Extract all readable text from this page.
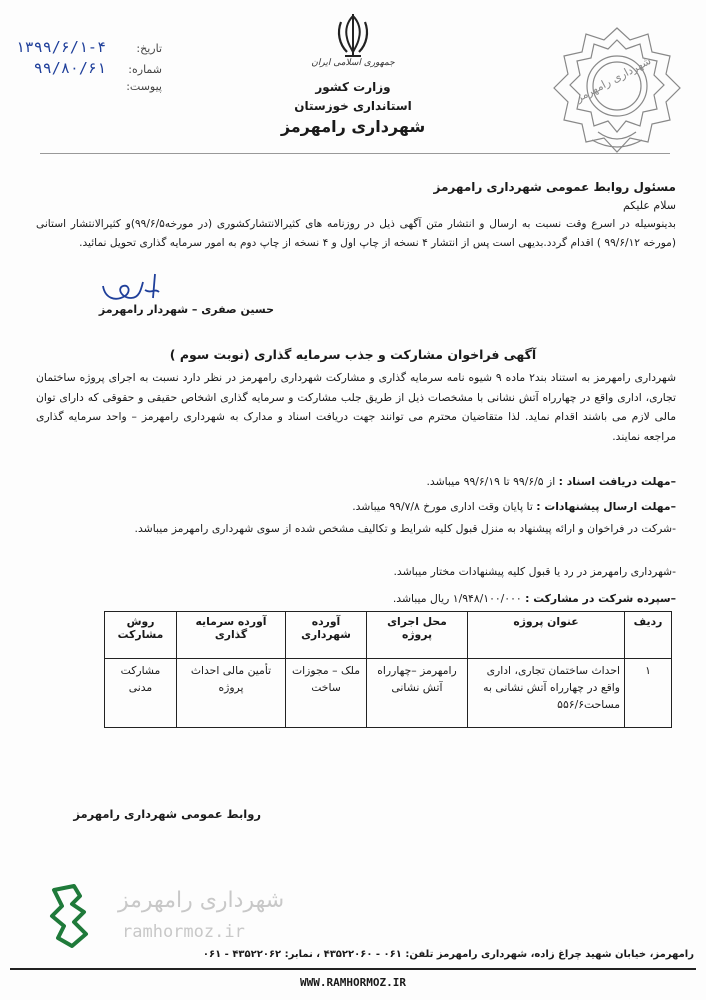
تاریخ:
۱۳۹۹/۶/۱-۴
شماره:
۹۹/۸۰/۶۱
پیوست:
جمهوری اسلامی ایران
وزارت کشور
استانداری خوزستان
شهرداری رامهرمز
شهرداری رامهرمز
مسئول روابط عمومی شهرداری رامهرمز
سلام علیکم
بدینوسیله در اسرع وقت نسبت به ارسال و انتشار متن آگهی ذیل در روزنامه های کثیرالانتشارکشوری (در مورخه۹۹/۶/۵)و کثیرالانتشار استانی (مورخه ۹۹/۶/۱۲ ) اقدام گردد.بدیهی است پس از انتشار ۴ نسخه از چاپ اول و ۴ نسخه از چاپ دوم به امور سرمایه گذاری تحویل نمائید.
حسین صفری – شهردار رامهرمز
آگهی فراخوان مشارکت و جذب سرمایه گذاری (نوبت سوم )
شهرداری رامهرمز به استناد بند۲ ماده ۹ شیوه نامه سرمایه گذاری و مشارکت شهرداری رامهرمز در نظر دارد نسبت به اجرای پروژه ساختمان تجاری، اداری واقع در چهارراه آتش نشانی با مشخصات ذیل از طریق جلب مشارکت و سرمایه گذاری اشخاص حقیقی و حقوقی که دارای توان مالی لازم می باشند اقدام نماید. لذا متقاضیان محترم می توانند جهت دریافت اسناد و مدارک به شهرداری رامهرمز – واحد سرمایه گذاری مراجعه نمایند.
–مهلت دریافت اسناد : از ۹۹/۶/۵ تا ۹۹/۶/۱۹ میباشد.
–مهلت ارسال پیشنهادات : تا پایان وقت اداری مورخ ۹۹/۷/۸ میباشد.
-شرکت در فراخوان و ارائه پیشنهاد به منزل قبول کلیه شرایط و تکالیف مشخص شده از سوی شهرداری رامهرمز میباشد.
-شهرداری رامهرمز در رد یا قبول کلیه پیشنهادات مختار میباشد.
–سپرده شرکت در مشارکت : ۱/۹۴۸/۱۰۰/۰۰۰ ریال میباشد.
ردیف	عنوان پروژه	محل اجرای پروژه	آورده شهرداری	آورده سرمایه گذاری	روش مشارکت
۱	احداث ساختمان تجاری، اداری واقع در چهارراه آتش نشانی به مساحت۵۵۶/۶	رامهرمز –چهارراه آتش نشانی	ملک – مجوزات ساخت	تأمین مالی احداث پروژه	مشارکت مدنی
روابط عمومی شهرداری رامهرمز
شهرداری رامهرمز
ramhormoz.ir
رامهرمز، خیابان شهید چراغ زاده، شهرداری رامهرمز تلفن: ۰۶۱ - ۴۳۵۲۲۰۶۰ ، نمابر: ۴۳۵۲۲۰۶۲ - ۰۶۱
WWW.RAMHORMOZ.IR
